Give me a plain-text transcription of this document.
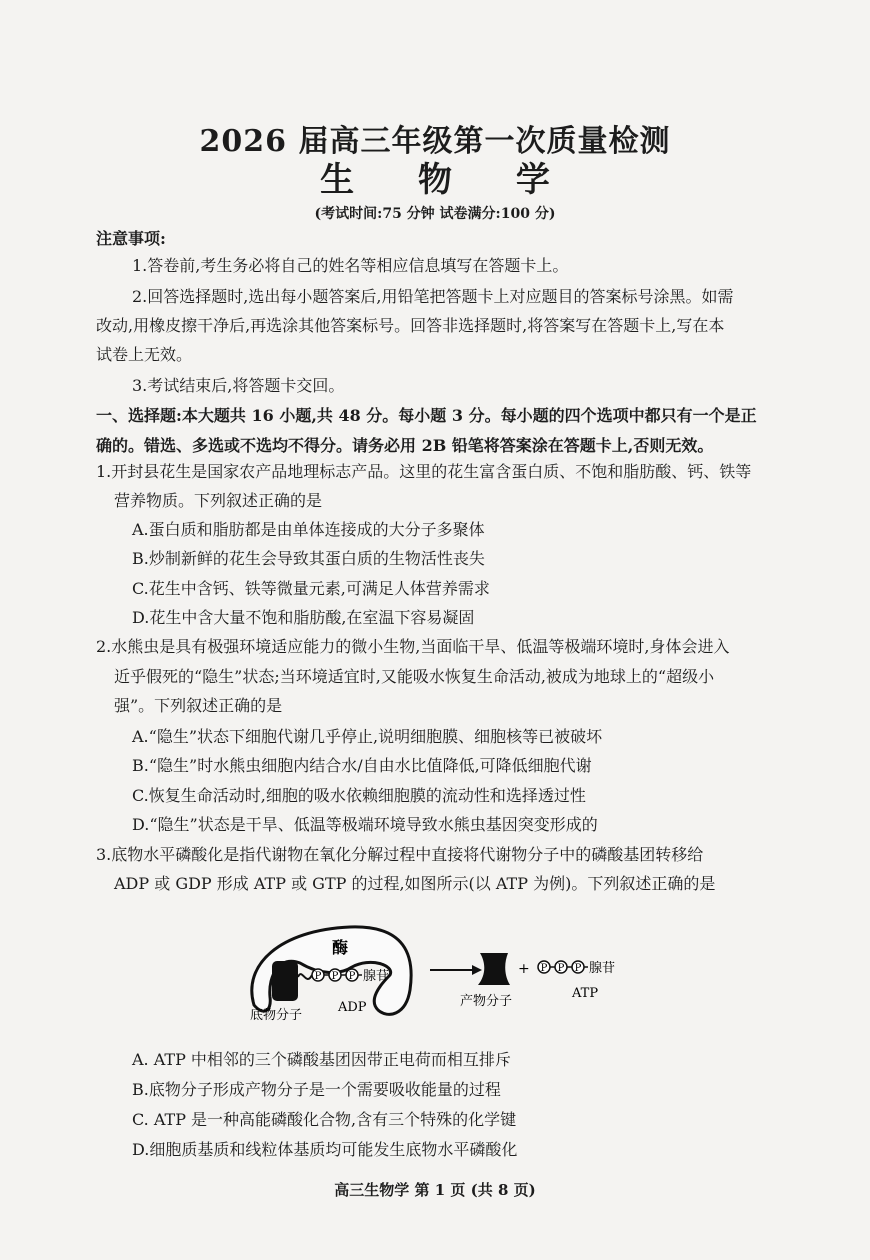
2026 届高三年级第一次质量检测
生 物 学
(考试时间:75 分钟 试卷满分:100 分)
注意事项:
1.答卷前,考生务必将自己的姓名等相应信息填写在答题卡上。
2.回答选择题时,选出每小题答案后,用铅笔把答题卡上对应题目的答案标号涂黑。如需
改动,用橡皮擦干净后,再选涂其他答案标号。回答非选择题时,将答案写在答题卡上,写在本
试卷上无效。
3.考试结束后,将答题卡交回。
一、选择题:本大题共 16 小题,共 48 分。每小题 3 分。每小题的四个选项中都只有一个是正
确的。错选、多选或不选均不得分。请务必用 2B 铅笔将答案涂在答题卡上,否则无效。
1.开封县花生是国家农产品地理标志产品。这里的花生富含蛋白质、不饱和脂肪酸、钙、铁等
营养物质。下列叙述正确的是
A.蛋白质和脂肪都是由单体连接成的大分子多聚体
B.炒制新鲜的花生会导致其蛋白质的生物活性丧失
C.花生中含钙、铁等微量元素,可满足人体营养需求
D.花生中含大量不饱和脂肪酸,在室温下容易凝固
2.水熊虫是具有极强环境适应能力的微小生物,当面临干旱、低温等极端环境时,身体会进入
近乎假死的“隐生”状态;当环境适宜时,又能吸水恢复生命活动,被成为地球上的“超级小
强”。下列叙述正确的是
A.“隐生”状态下细胞代谢几乎停止,说明细胞膜、细胞核等已被破坏
B.“隐生”时水熊虫细胞内结合水/自由水比值降低,可降低细胞代谢
C.恢复生命活动时,细胞的吸水依赖细胞膜的流动性和选择透过性
D.“隐生”状态是干旱、低温等极端环境导致水熊虫基因突变形成的
3.底物水平磷酸化是指代谢物在氧化分解过程中直接将代谢物分子中的磷酸基团转移给
ADP 或 GDP 形成 ATP 或 GTP 的过程,如图所示(以 ATP 为例)。下列叙述正确的是
酶
P P P 腺苷
底物分子
ADP	产物分子
+ P P P 腺苷
ATP
A. ATP 中相邻的三个磷酸基团因带正电荷而相互排斥
B.底物分子形成产物分子是一个需要吸收能量的过程
C. ATP 是一种高能磷酸化合物,含有三个特殊的化学键
D.细胞质基质和线粒体基质均可能发生底物水平磷酸化
高三生物学 第 1 页 (共 8 页)
